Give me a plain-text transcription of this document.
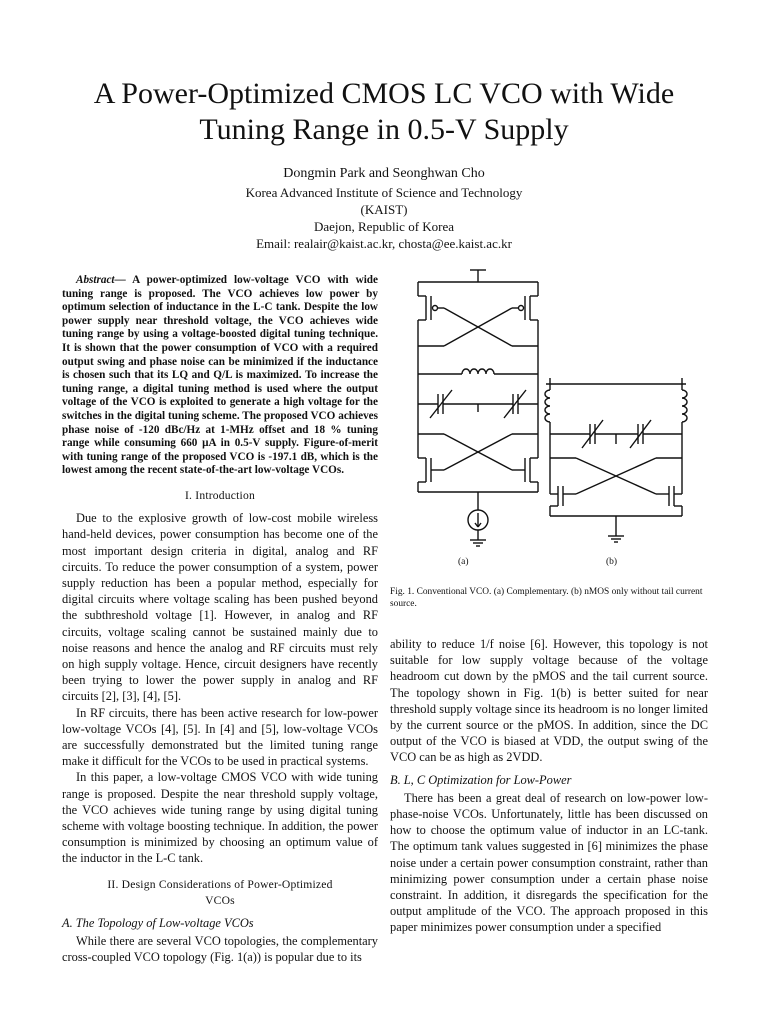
A Power-Optimized CMOS LC VCO with Wide
Tuning Range in 0.5-V Supply
Dongmin Park and Seonghwan Cho
Korea Advanced Institute of Science and Technology
(KAIST)
Daejon, Republic of Korea
Email: realair@kaist.ac.kr, chosta@ee.kaist.ac.kr

Abstract— A power-optimized low-voltage VCO with wide tuning range is proposed. The VCO achieves low power by optimum selection of inductance in the L-C tank. Despite the low power supply near threshold voltage, the VCO achieves wide tuning range by using a voltage-boosted digital tuning technique. It is shown that the power consumption of VCO with a required output swing and phase noise can be minimized if the inductance is chosen such that its LQ and Q/L is maximized. To increase the tuning range, a digital tuning method is used where the output voltage of the VCO is exploited to generate a high voltage for the switches in the digital tuning scheme. The proposed VCO achieves phase noise of -120 dBc/Hz at 1-MHz offset and 18 % tuning range while consuming 660 μA in 0.5-V supply. Figure-of-merit with tuning range of the proposed VCO is -197.1 dB, which is the lowest among the recent state-of-the-art low-voltage VCOs.

I. Introduction

Due to the explosive growth of low-cost mobile wireless hand-held devices, power consumption has become one of the most important design criteria in digital, analog and RF circuits. To reduce the power consumption of a system, power supply reduction has been a popular method, especially for digital circuits where voltage scaling has been pushed beyond the subthreshold voltage [1]. However, in analog and RF circuits, voltage scaling cannot be sustained mainly due to noise reasons and hence the analog and RF circuits must rely on high supply voltage. Hence, circuit designers have recently been trying to lower the power supply in analog and RF circuits [2], [3], [4], [5].

In RF circuits, there has been active research for low-power low-voltage VCOs [4], [5]. In [4] and [5], low-voltage VCOs are successfully demonstrated but the limited tuning range make it difficult for the VCOs to be used in practical systems.

In this paper, a low-voltage CMOS VCO with wide tuning range is proposed. Despite the near threshold supply voltage, the VCO achieves wide tuning range by using digital tuning scheme with voltage boosting technique. In addition, the power consumption is minimized by choosing an optimum value of the inductor in the L-C tank.

II. Design Considerations of Power-Optimized
VCOs
A. The Topology of Low-voltage VCOs

While there are several VCO topologies, the complementary cross-coupled VCO topology (Fig. 1(a)) is popular due to its

(a)	(b)
Fig. 1. Conventional VCO. (a) Complementary. (b) nMOS only without tail current source.

ability to reduce 1/f noise [6]. However, this topology is not suitable for low supply voltage because of the voltage headroom cut down by the pMOS and the tail current source. The topology shown in Fig. 1(b) is better suited for near threshold supply voltage since its headroom is no longer limited by the current source or the pMOS. In addition, since the DC output of the VCO is biased at VDD, the output swing of the VCO can be as high as 2VDD.

B. L, C Optimization for Low-Power

There has been a great deal of research on low-power low-phase-noise VCOs. Unfortunately, little has been discussed on how to choose the optimum value of inductor in an LC-tank. The optimum tank values suggested in [6] minimizes the phase noise under a certain power consumption constraint, rather than minimizing power consumption under a certain phase noise constraint. In addition, it disregards the specification for the output amplitude of the VCO. The approach proposed in this paper minimizes power consumption under a specified
